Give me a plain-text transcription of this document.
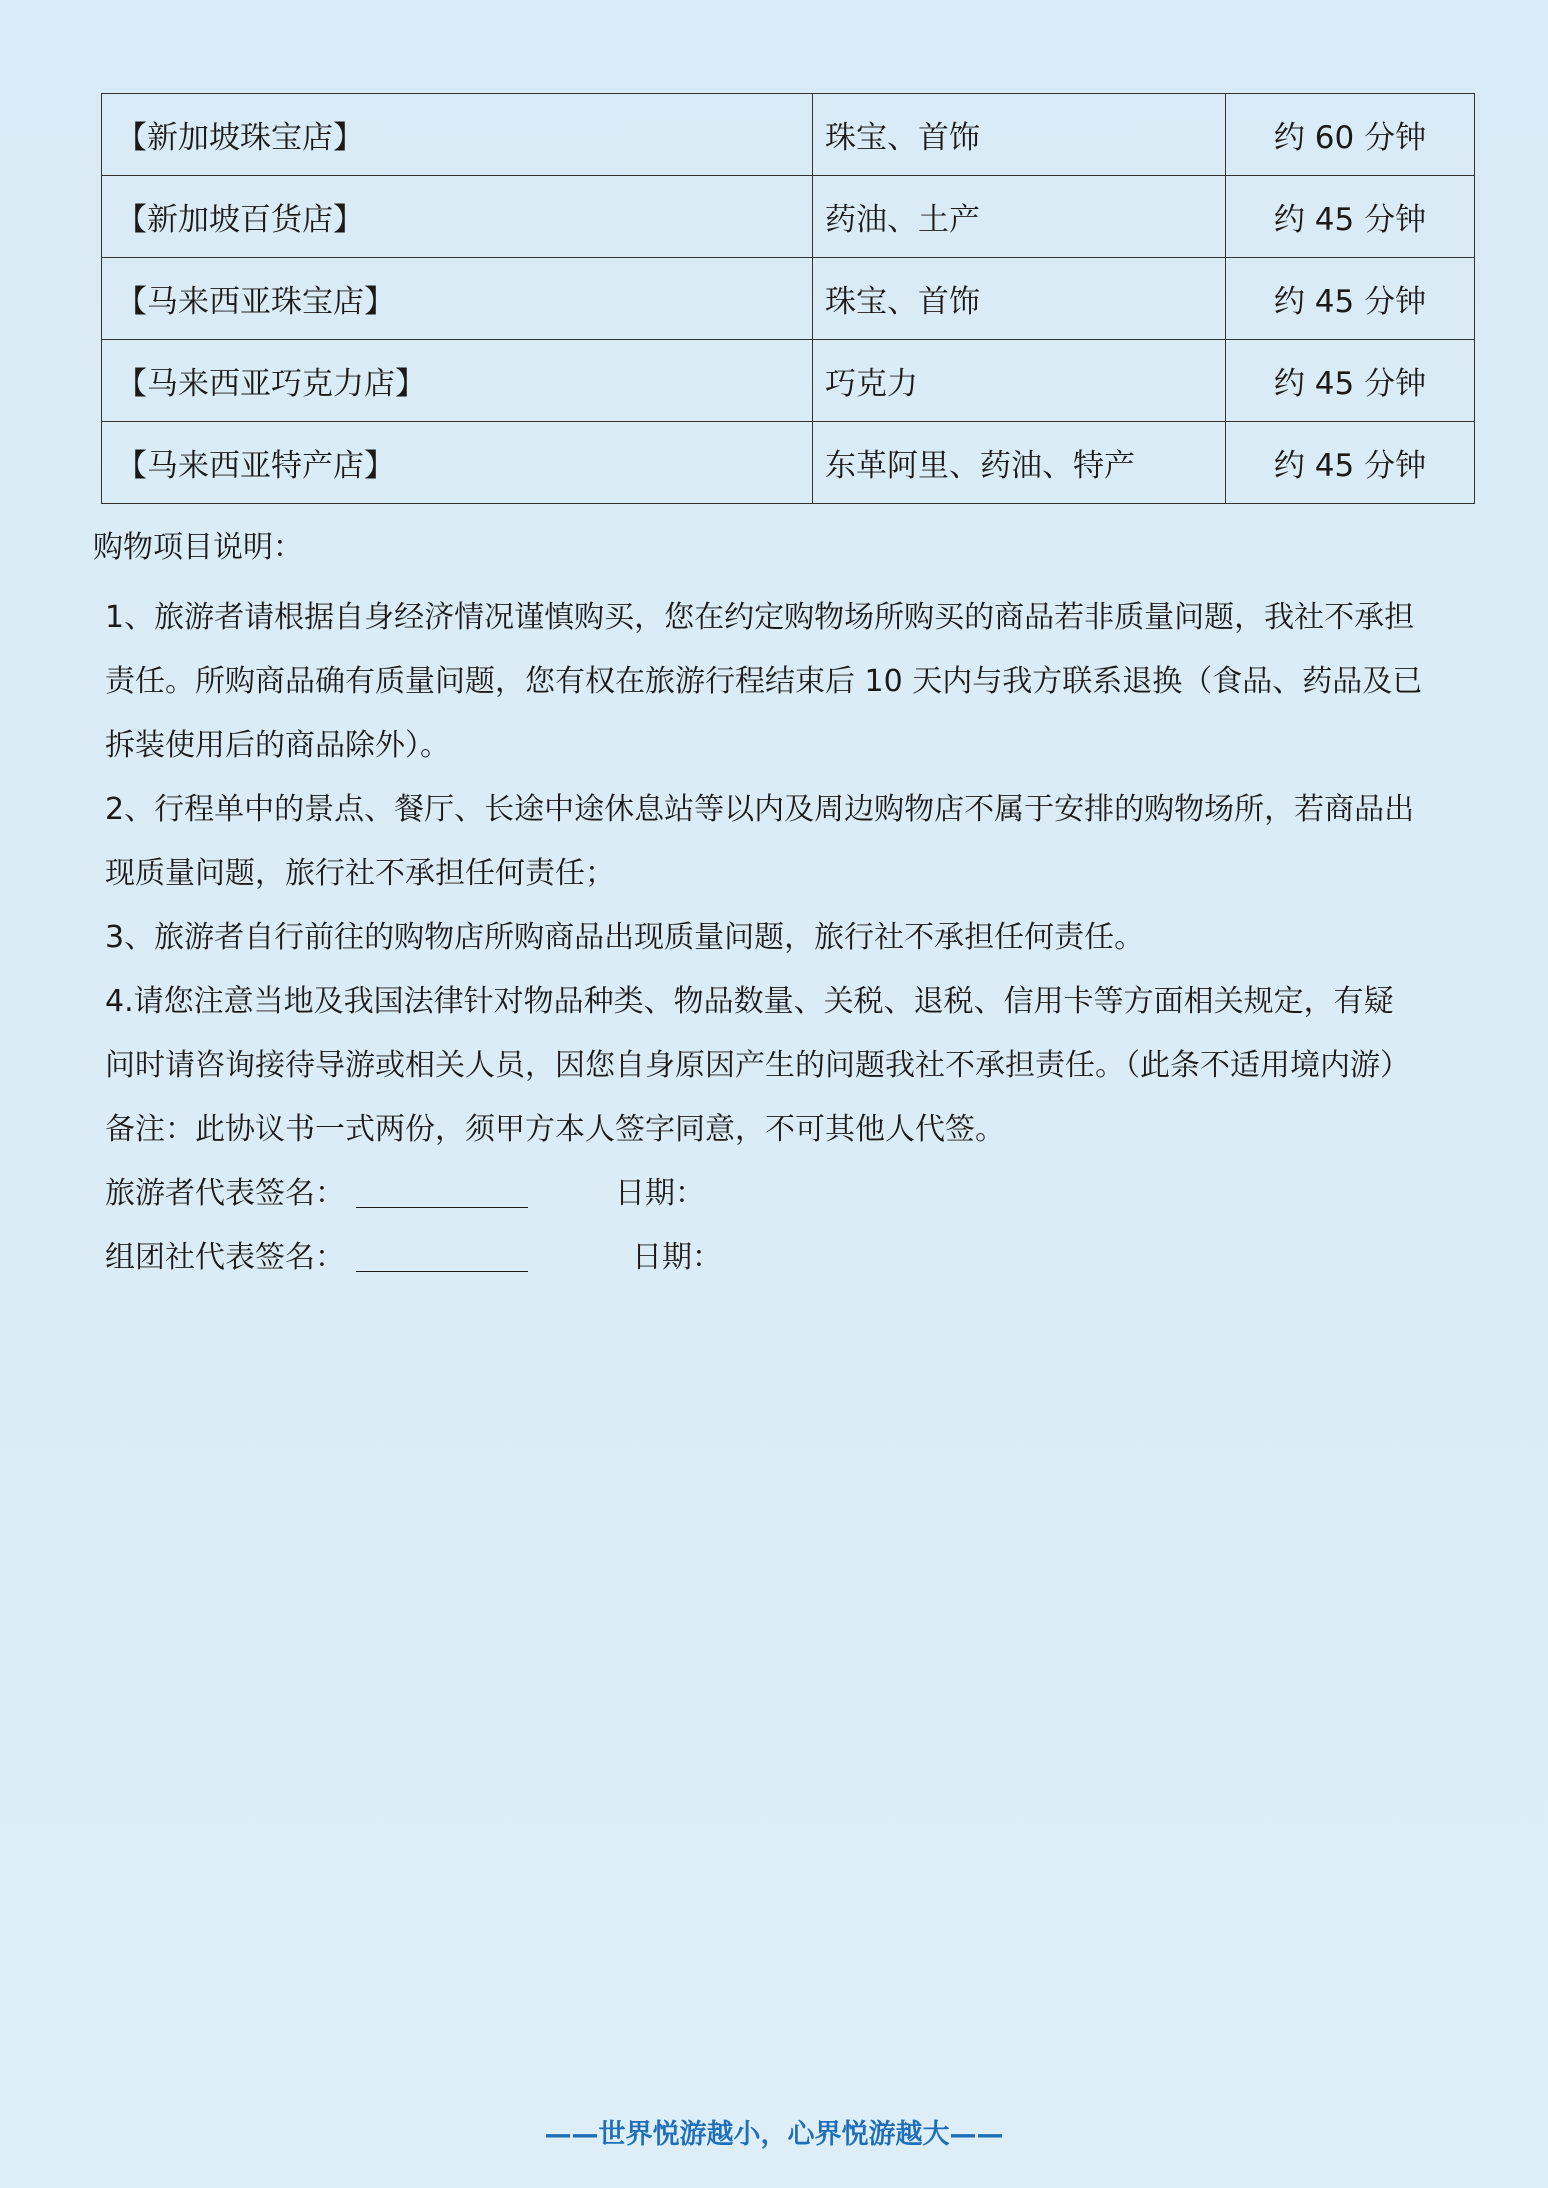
【新加坡珠宝店】	珠宝、首饰	约 60 分钟
【新加坡百货店】	药油、土产	约 45 分钟
【马来西亚珠宝店】	珠宝、首饰	约 45 分钟
【马来西亚巧克力店】	巧克力	约 45 分钟
【马来西亚特产店】	东革阿里、药油、特产	约 45 分钟
购物项目说明：
1、旅游者请根据自身经济情况谨慎购买，您在约定购物场所购买的商品若非质量问题，我社不承担
责任。所购商品确有质量问题，您有权在旅游行程结束后 10 天内与我方联系退换（食品、药品及已
拆装使用后的商品除外）。
2、行程单中的景点、餐厅、长途中途休息站等以内及周边购物店不属于安排的购物场所，若商品出
现质量问题，旅行社不承担任何责任；
3、旅游者自行前往的购物店所购商品出现质量问题，旅行社不承担任何责任。
4.请您注意当地及我国法律针对物品种类、物品数量、关税、退税、信用卡等方面相关规定，有疑
问时请咨询接待导游或相关人员，因您自身原因产生的问题我社不承担责任。（此条不适用境内游）
备注：此协议书一式两份，须甲方本人签字同意，不可其他人代签。
旅游者代表签名：	日期：
组团社代表签名：	日期：
——世界悦游越小，心界悦游越大——
